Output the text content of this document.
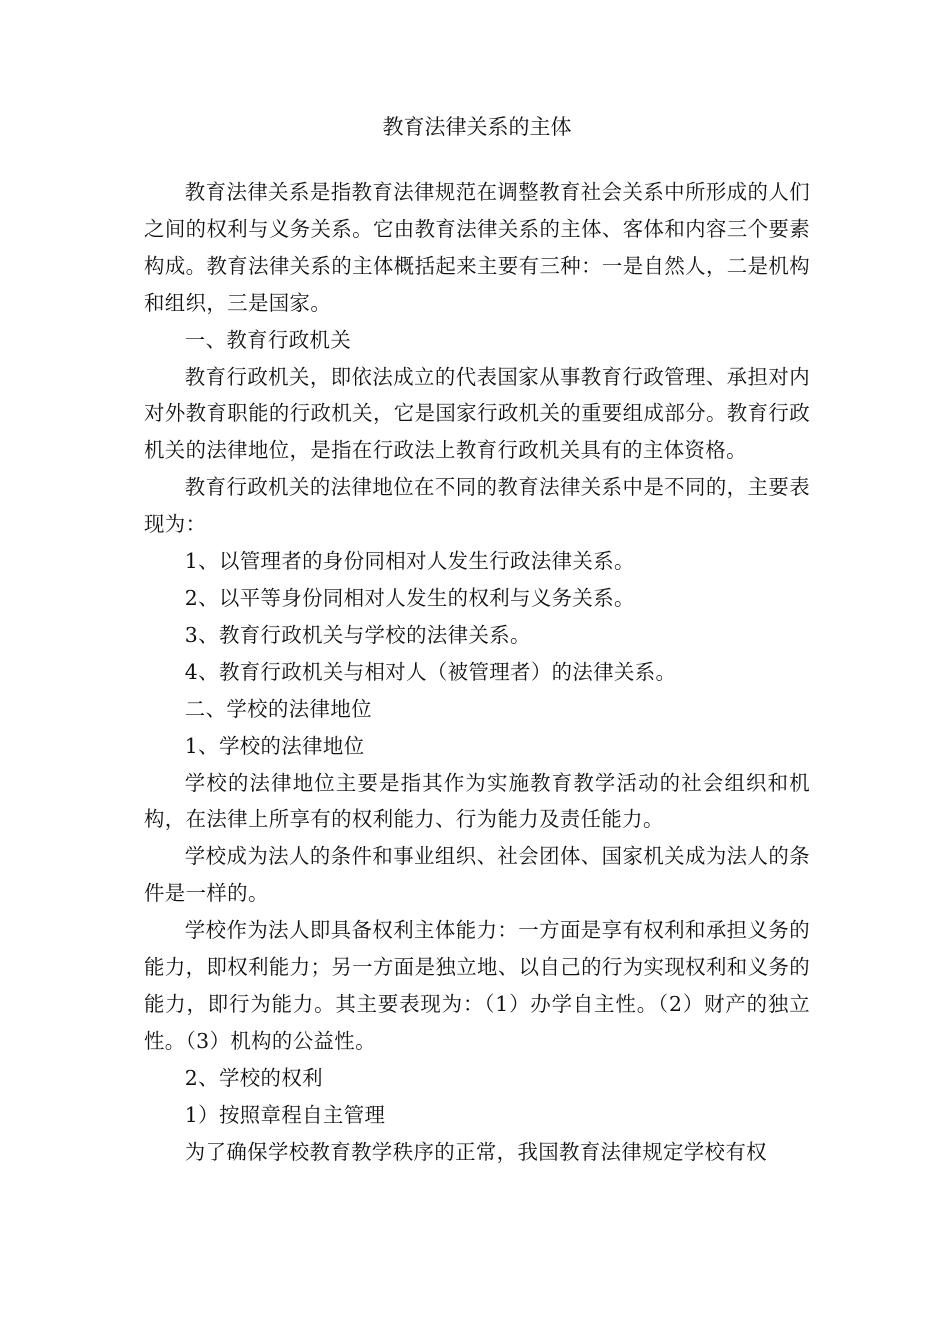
教育法律关系的主体

教育法律关系是指教育法律规范在调整教育社会关系中所形成的人们之间的权利与义务关系。它由教育法律关系的主体、客体和内容三个要素构成。教育法律关系的主体概括起来主要有三种：一是自然人，二是机构和组织，三是国家。

一、教育行政机关

教育行政机关，即依法成立的代表国家从事教育行政管理、承担对内对外教育职能的行政机关，它是国家行政机关的重要组成部分。教育行政机关的法律地位，是指在行政法上教育行政机关具有的主体资格。

教育行政机关的法律地位在不同的教育法律关系中是不同的，主要表现为：

1、以管理者的身份同相对人发生行政法律关系。

2、以平等身份同相对人发生的权利与义务关系。

3、教育行政机关与学校的法律关系。

4、教育行政机关与相对人（被管理者）的法律关系。

二、学校的法律地位

1、学校的法律地位

学校的法律地位主要是指其作为实施教育教学活动的社会组织和机构，在法律上所享有的权利能力、行为能力及责任能力。

学校成为法人的条件和事业组织、社会团体、国家机关成为法人的条件是一样的。

学校作为法人即具备权利主体能力：一方面是享有权利和承担义务的能力，即权利能力；另一方面是独立地、以自己的行为实现权利和义务的能力，即行为能力。其主要表现为：（1）办学自主性。（2）财产的独立性。（3）机构的公益性。

2、学校的权利

1）按照章程自主管理

为了确保学校教育教学秩序的正常，我国教育法律规定学校有权
